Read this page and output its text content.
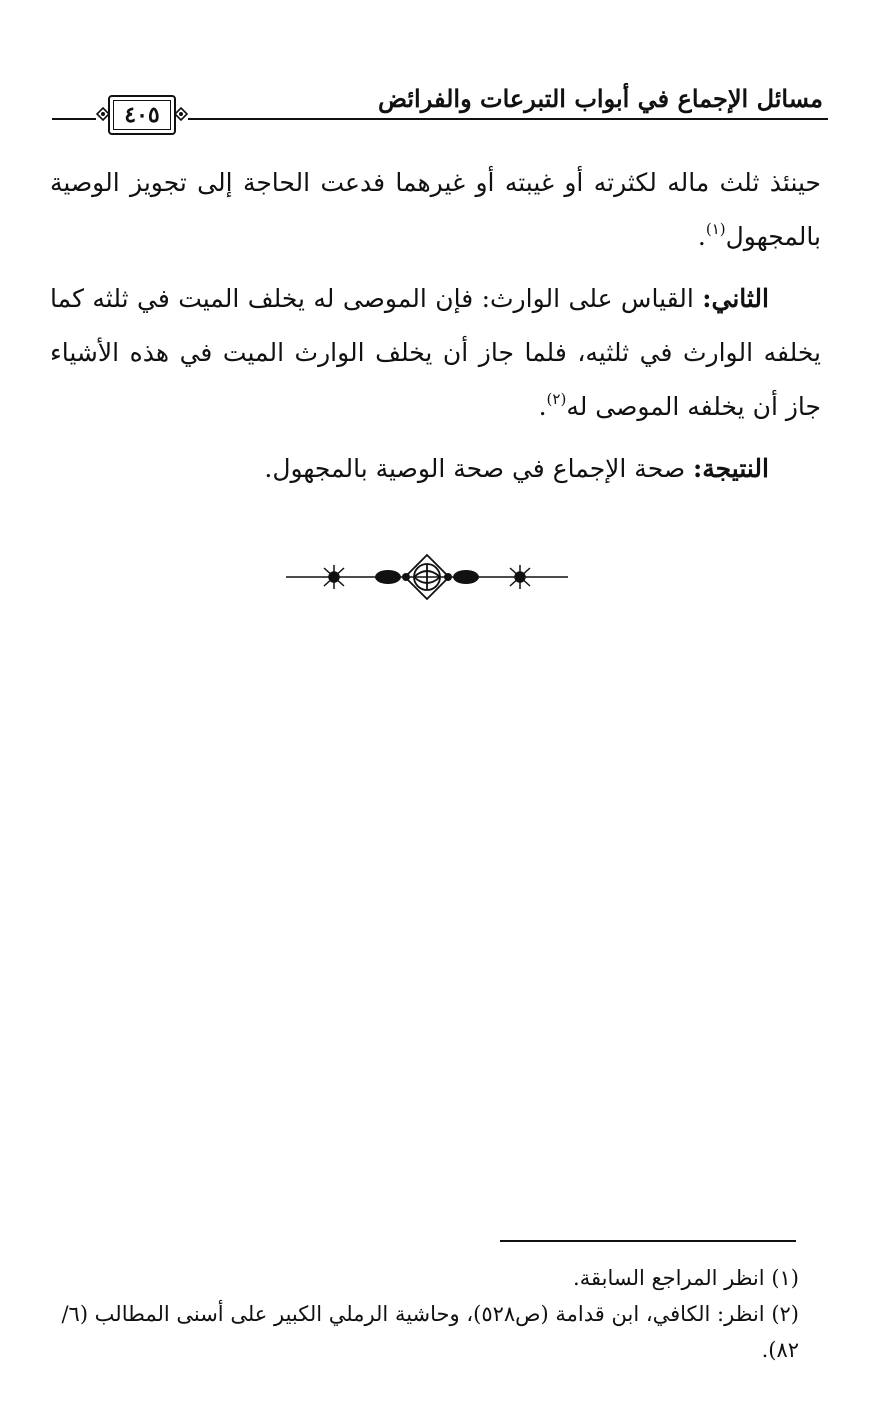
مسائل الإجماع في أبواب التبرعات والفرائض
٤٠٥

حينئذ ثلث ماله لكثرته أو غيبته أو غيرهما فدعت الحاجة إلى تجويز الوصية بالمجهول$^{(١)}$.

الثاني: القياس على الوارث: فإن الموصى له يخلف الميت في ثلثه كما يخلفه الوارث في ثلثيه، فلما جاز أن يخلف الوارث الميت في هذه الأشياء جاز أن يخلفه الموصى له$^{(٢)}$.

النتيجة: صحة الإجماع في صحة الوصية بالمجهول.

(١) انظر المراجع السابقة.

(٢) انظر: الكافي، ابن قدامة (ص٥٢٨)، وحاشية الرملي الكبير على أسنى المطالب (٦/ ٨٢).
